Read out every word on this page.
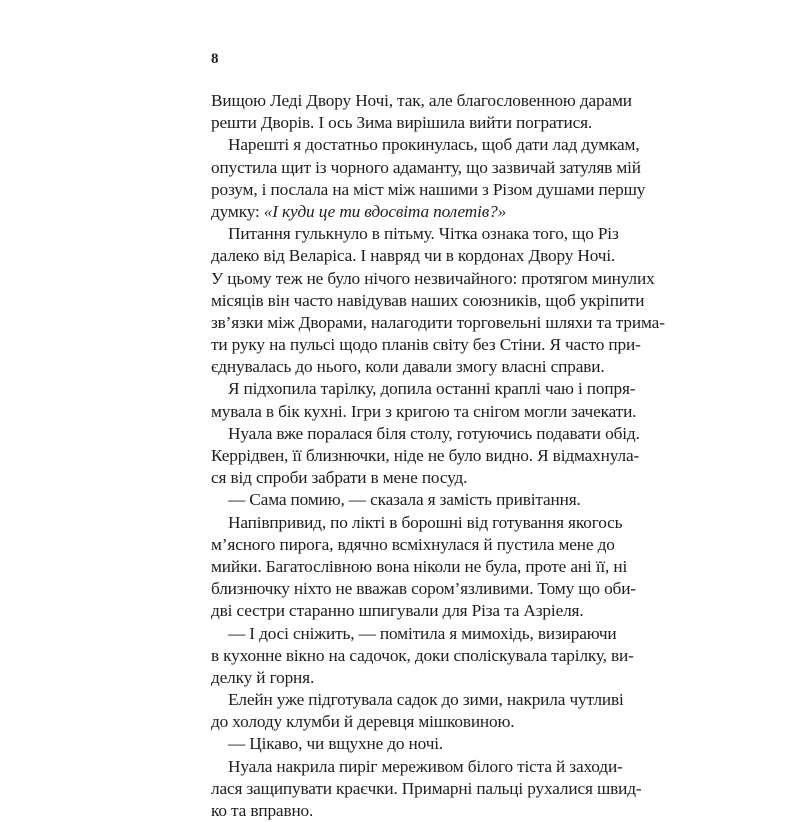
8
Вищою Леді Двору Ночі, так, але благословенною дарами
решти Дворів. І ось Зима вирішила вийти погратися.
Нарешті я достатньо прокинулась, щоб дати лад думкам,
опустила щит із чорного адаманту, що зазвичай затуляв мій
розум, і послала на міст між нашими з Різом душами першу
думку: «І куди це ти вдосвіта полетів?»
Питання гулькнуло в пітьму. Чітка ознака того, що Різ
далеко від Веларіса. І навряд чи в кордонах Двору Ночі.
У цьому теж не було нічого незвичайного: протягом минулих
місяців він часто навідував наших союзників, щоб укріпити
зв’язки між Дворами, налагодити торговельні шляхи та трима-
ти руку на пульсі щодо планів світу без Стіни. Я часто при-
єднувалась до нього, коли давали змогу власні справи.
Я підхопила тарілку, допила останні краплі чаю і попря-
мувала в бік кухні. Ігри з кригою та снігом могли зачекати.
Нуала вже поралася біля столу, готуючись подавати обід.
Керрідвен, її близнючки, ніде не було видно. Я відмахнула-
ся від спроби забрати в мене посуд.
— Сама помию, — сказала я замість привітання.
Напівпривид, по лікті в борошні від готування якогось
м’ясного пирога, вдячно всміхнулася й пустила мене до
мийки. Багатослівною вона ніколи не була, проте ані її, ні
близнючку ніхто не вважав сором’язливими. Тому що оби-
дві сестри старанно шпигували для Різа та Азріеля.
— І досі сніжить, — помітила я мимохідь, визираючи
в кухонне вікно на садочок, доки споліскувала тарілку, ви-
делку й горня.
Елейн уже підготувала садок до зими, накрила чутливі
до холоду клумби й деревця мішковиною.
— Цікаво, чи вщухне до ночі.
Нуала накрила пиріг мереживом білого тіста й заходи-
лася защипувати краєчки. Примарні пальці рухалися швид-
ко та вправно.
